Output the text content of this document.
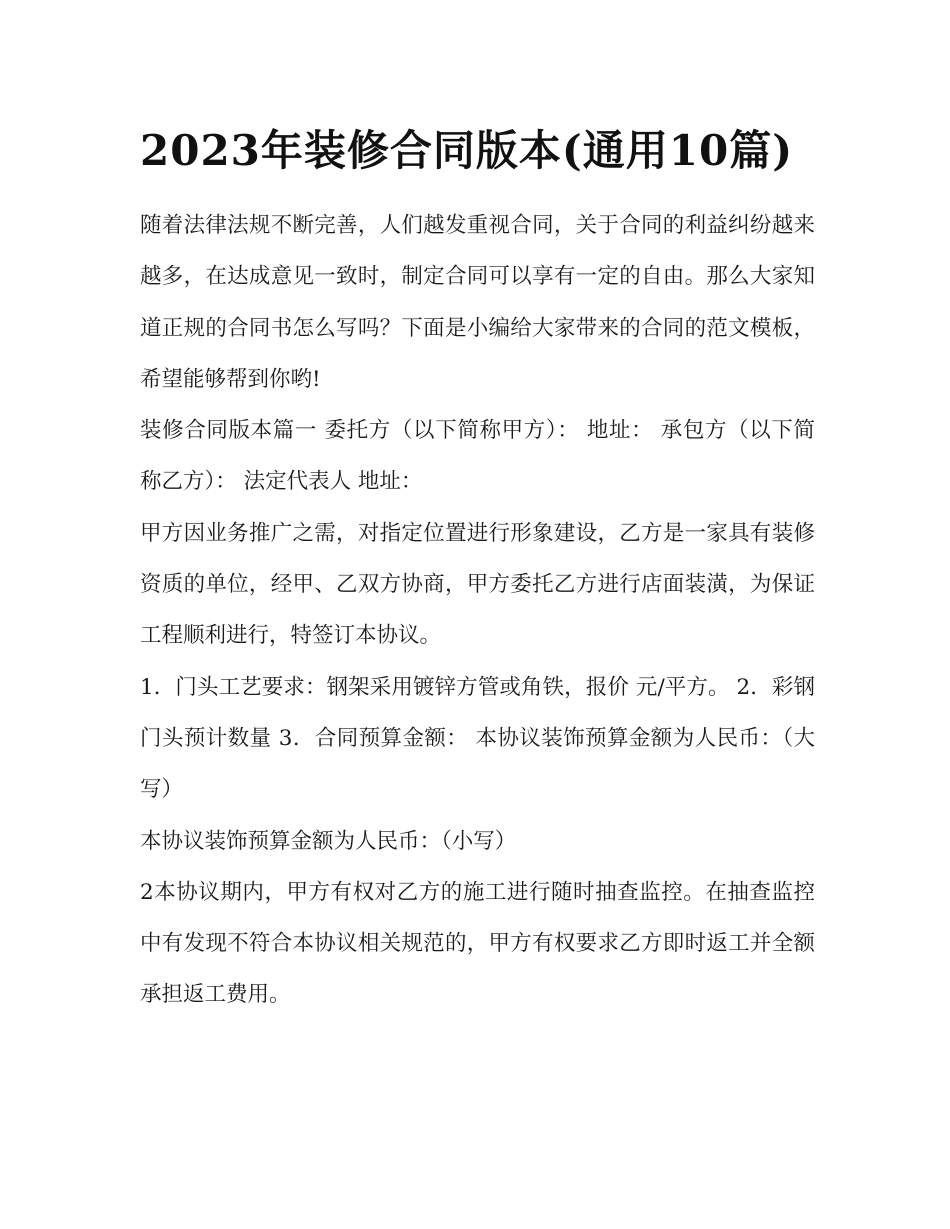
2023年装修合同版本(通用10篇)

随着法律法规不断完善，人们越发重视合同，关于合同的利益纠纷越来越多，在达成意见一致时，制定合同可以享有一定的自由。那么大家知道正规的合同书怎么写吗？下面是小编给大家带来的合同的范文模板，希望能够帮到你哟!

装修合同版本篇一 委托方（以下简称甲方）： 地址： 承包方（以下简称乙方）： 法定代表人 地址：

甲方因业务推广之需，对指定位置进行形象建设，乙方是一家具有装修资质的单位，经甲、乙双方协商，甲方委托乙方进行店面装潢，为保证工程顺利进行，特签订本协议。

1．门头工艺要求：钢架采用镀锌方管或角铁，报价 元/平方。 2．彩钢门头预计数量 3．合同预算金额： 本协议装饰预算金额为人民币：（大写）

本协议装饰预算金额为人民币：（小写）

2本协议期内，甲方有权对乙方的施工进行随时抽查监控。在抽查监控中有发现不符合本协议相关规范的，甲方有权要求乙方即时返工并全额承担返工费用。
